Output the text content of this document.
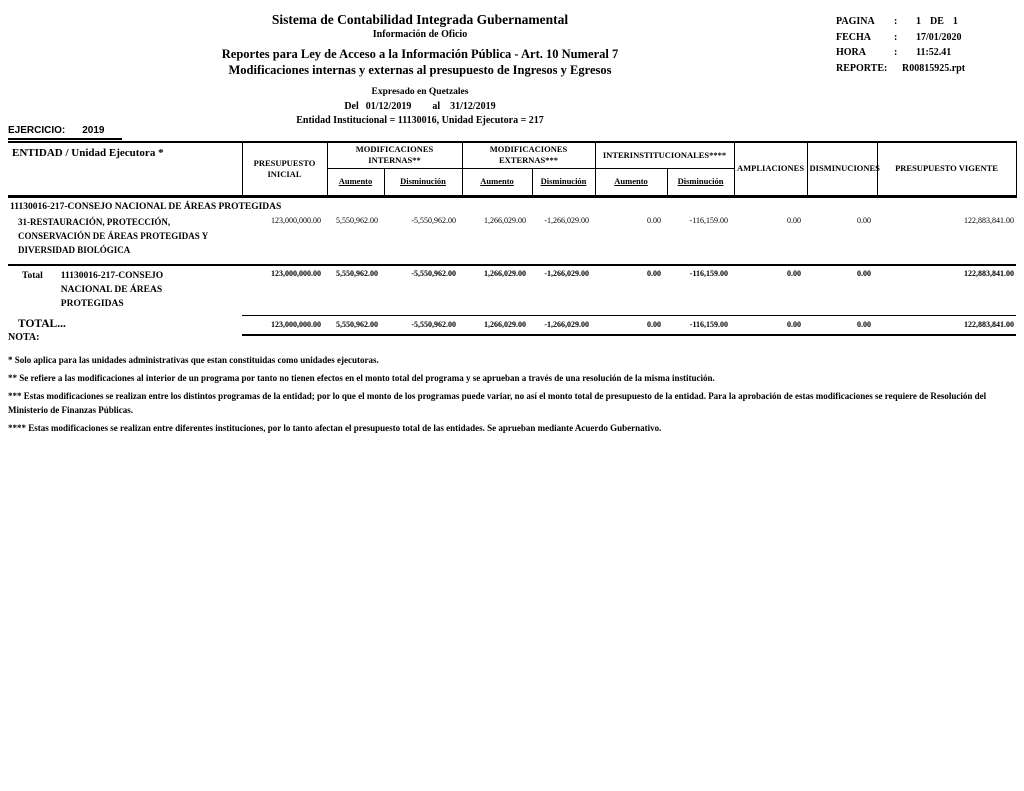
Sistema de Contabilidad Integrada Gubernamental
Información de Oficio
Reportes para Ley de Acceso a la Información Pública - Art. 10 Numeral 7
Modificaciones internas y externas al presupuesto de Ingresos y Egresos
Expresado en Quetzales
Del 01/12/2019 al 31/12/2019
Entidad Institucional = 11130016, Unidad Ejecutora = 217
PAGINA	:	1 DE 1
FECHA	:	17/01/2020
HORA	:	11:52.41
REPORTE:	R00815925.rpt
EJERCICIO: 2019
ENTIDAD / Unidad Ejecutora *	PRESUPUESTO INICIAL	MODIFICACIONES INTERNAS**		MODIFICACIONES EXTERNAS***		INTERINSTITUCIONALES****		AMPLIACIONES	DISMINUCIONES	PRESUPUESTO VIGENTE
		Aumento	Disminución	Aumento	Disminución	Aumento	Disminución			
11130016-217-CONSEJO NACIONAL DE ÁREAS PROTEGIDAS										
31-RESTAURACIÓN, PROTECCIÓN, CONSERVACIÓN DE ÁREAS PROTEGIDAS Y DIVERSIDAD BIOLÓGICA	123,000,000.00	5,550,962.00	-5,550,962.00	1,266,029.00	-1,266,029.00	0.00	-116,159.00	0.00	0.00	122,883,841.00
Total 11130016-217-CONSEJO NACIONAL DE ÁREAS PROTEGIDAS	123,000,000.00	5,550,962.00	-5,550,962.00	1,266,029.00	-1,266,029.00	0.00	-116,159.00	0.00	0.00	122,883,841.00
TOTAL...	123,000,000.00	5,550,962.00	-5,550,962.00	1,266,029.00	-1,266,029.00	0.00	-116,159.00	0.00	0.00	122,883,841.00
NOTA:
* Solo aplica para las unidades administrativas que estan constituidas como unidades ejecutoras.
** Se refiere a las modificaciones al interior de un programa por tanto no tienen efectos en el monto total del programa y se aprueban a través de una resolución de la misma institución.
*** Estas modificaciones se realizan entre los distintos programas de la entidad; por lo que el monto de los programas puede variar, no así el monto total de presupuesto de la entidad. Para la aprobación de estas modificaciones se requiere de Resolución del Ministerio de Finanzas Públicas.
**** Estas modificaciones se realizan entre diferentes instituciones, por lo tanto afectan el presupuesto total de las entidades. Se aprueban mediante Acuerdo Gubernativo.
